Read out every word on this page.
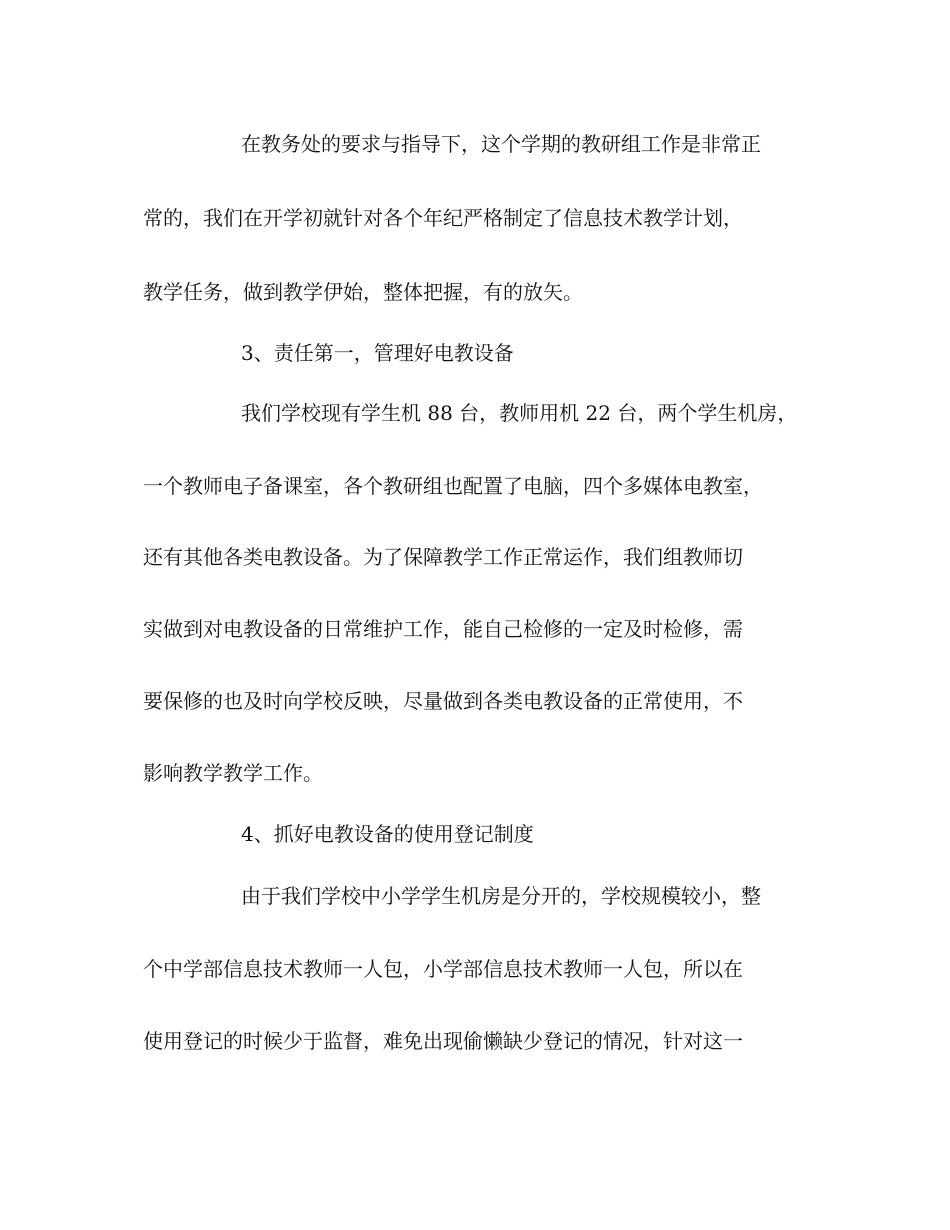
在教务处的要求与指导下，这个学期的教研组工作是非常正
常的，我们在开学初就针对各个年纪严格制定了信息技术教学计划，
教学任务，做到教学伊始，整体把握，有的放矢。
3、责任第一，管理好电教设备
我们学校现有学生机 88 台，教师用机 22 台，两个学生机房，
一个教师电子备课室，各个教研组也配置了电脑，四个多媒体电教室，
还有其他各类电教设备。为了保障教学工作正常运作，我们组教师切
实做到对电教设备的日常维护工作，能自己检修的一定及时检修，需
要保修的也及时向学校反映，尽量做到各类电教设备的正常使用，不
影响教学教学工作。
4、抓好电教设备的使用登记制度
由于我们学校中小学学生机房是分开的，学校规模较小，整
个中学部信息技术教师一人包，小学部信息技术教师一人包，所以在
使用登记的时候少于监督，难免出现偷懒缺少登记的情况，针对这一
